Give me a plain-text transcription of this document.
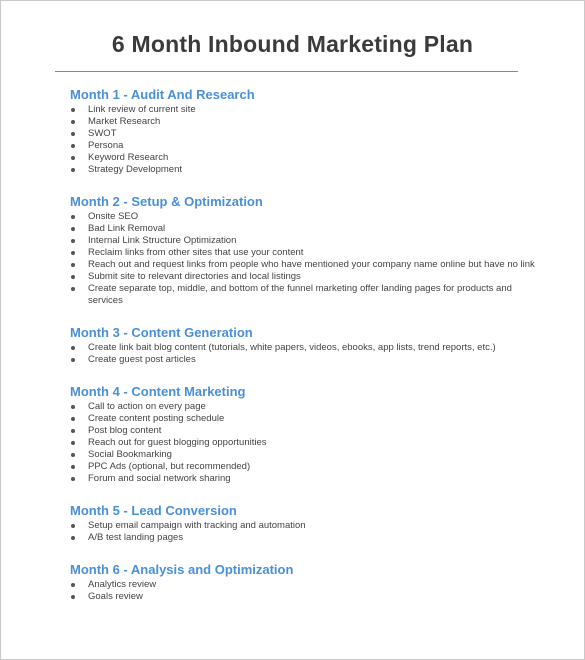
6 Month Inbound Marketing Plan
Month 1 - Audit And Research
Link review of current site
Market Research
SWOT
Persona
Keyword Research
Strategy Development
Month 2 - Setup & Optimization
Onsite SEO
Bad Link Removal
Internal Link Structure Optimization
Reclaim links from other sites that use your content
Reach out and request links from people who have mentioned your company name online but have no link
Submit site to relevant directories and local listings
Create separate top, middle, and bottom of the funnel marketing offer landing pages for products and services
Month 3 - Content Generation
Create link bait blog content (tutorials, white papers, videos, ebooks, app lists, trend reports, etc.)
Create guest post articles
Month 4 - Content Marketing
Call to action on every page
Create content posting schedule
Post blog content
Reach out for guest blogging opportunities
Social Bookmarking
PPC Ads (optional, but recommended)
Forum and social network sharing
Month 5 - Lead Conversion
Setup email campaign with tracking and automation
A/B test landing pages
Month 6 - Analysis and Optimization
Analytics review
Goals review
